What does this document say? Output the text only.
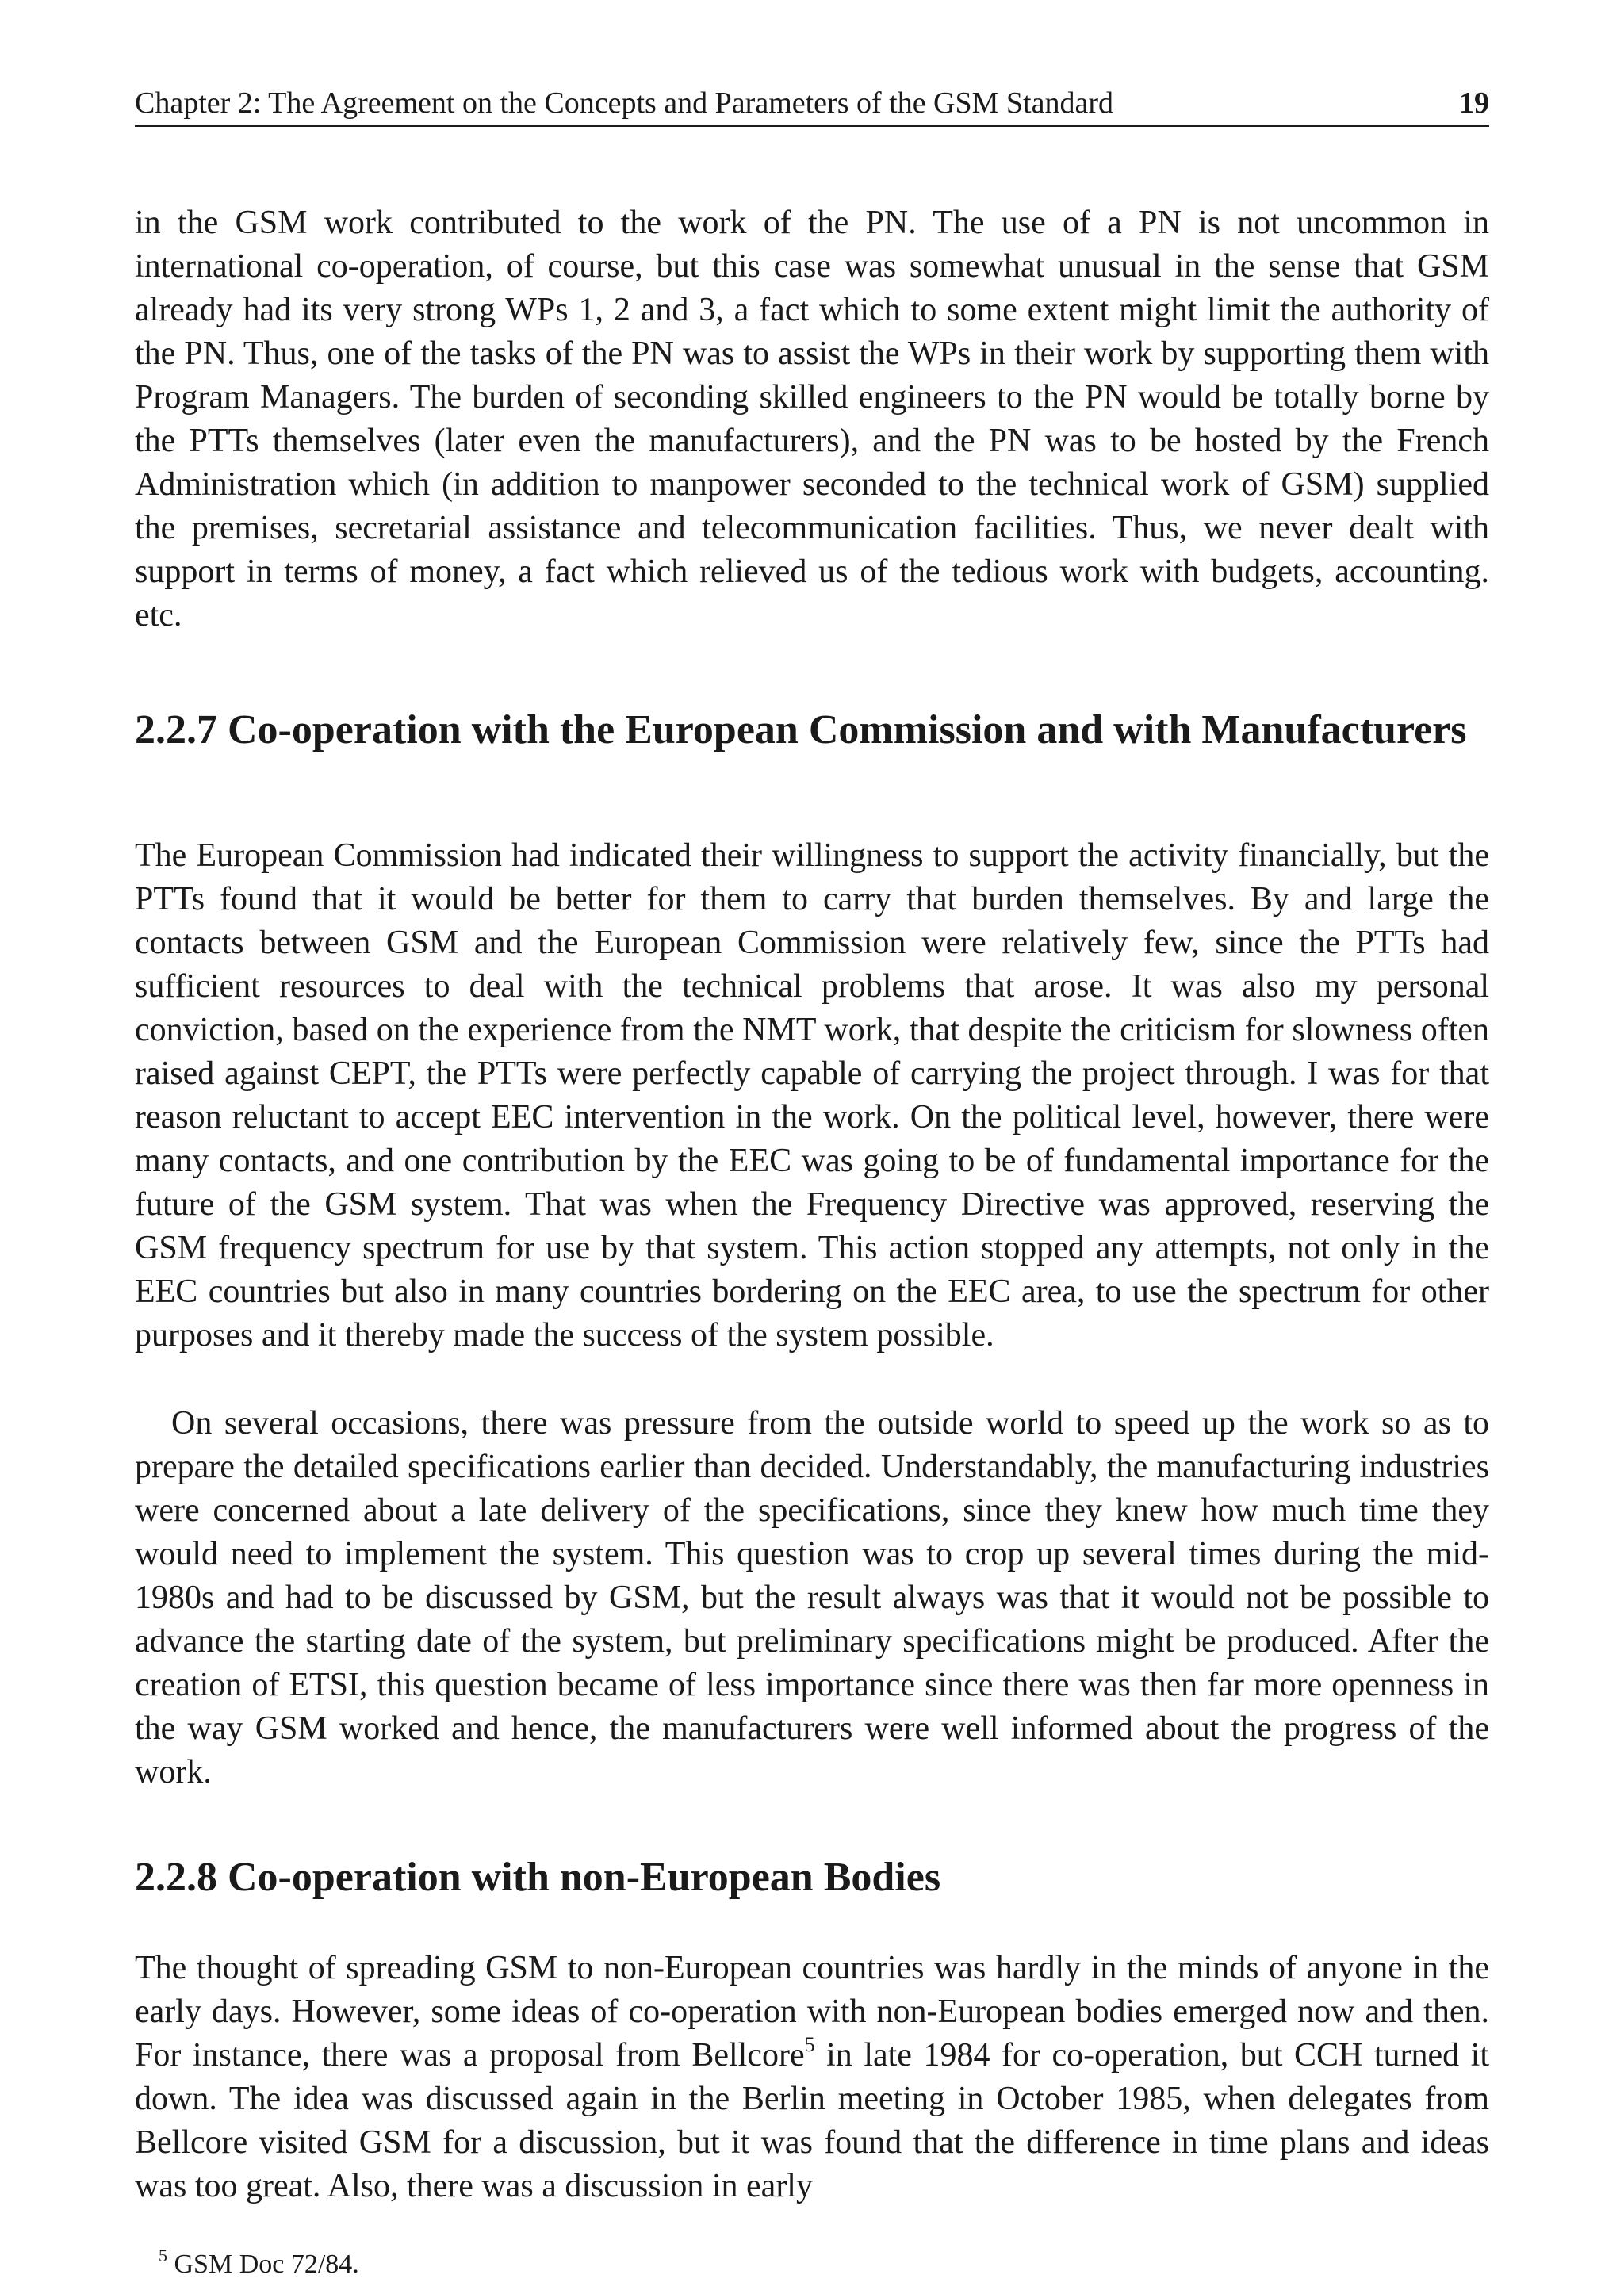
Chapter 2: The Agreement on the Concepts and Parameters of the GSM Standard	19

in the GSM work contributed to the work of the PN. The use of a PN is not uncommon in international co-operation, of course, but this case was somewhat unusual in the sense that GSM already had its very strong WPs 1, 2 and 3, a fact which to some extent might limit the authority of the PN. Thus, one of the tasks of the PN was to assist the WPs in their work by supporting them with Program Managers. The burden of seconding skilled engineers to the PN would be totally borne by the PTTs themselves (later even the manufacturers), and the PN was to be hosted by the French Administration which (in addition to manpower seconded to the technical work of GSM) supplied the premises, secretarial assistance and telecommunication facilities. Thus, we never dealt with support in terms of money, a fact which relieved us of the tedious work with budgets, accounting. etc.

2.2.7 Co-operation with the European Commission and with Manufacturers

The European Commission had indicated their willingness to support the activity financially, but the PTTs found that it would be better for them to carry that burden themselves. By and large the contacts between GSM and the European Commission were relatively few, since the PTTs had sufficient resources to deal with the technical problems that arose. It was also my personal conviction, based on the experience from the NMT work, that despite the criticism for slowness often raised against CEPT, the PTTs were perfectly capable of carrying the project through. I was for that reason reluctant to accept EEC intervention in the work. On the political level, however, there were many contacts, and one contribution by the EEC was going to be of fundamental importance for the future of the GSM system. That was when the Frequency Directive was approved, reserving the GSM frequency spectrum for use by that system. This action stopped any attempts, not only in the EEC countries but also in many countries bordering on the EEC area, to use the spectrum for other purposes and it thereby made the success of the system possible.

On several occasions, there was pressure from the outside world to speed up the work so as to prepare the detailed specifications earlier than decided. Understandably, the manufacturing industries were concerned about a late delivery of the specifications, since they knew how much time they would need to implement the system. This question was to crop up several times during the mid-1980s and had to be discussed by GSM, but the result always was that it would not be possible to advance the starting date of the system, but preliminary specifications might be produced. After the creation of ETSI, this question became of less importance since there was then far more openness in the way GSM worked and hence, the manufacturers were well informed about the progress of the work.

2.2.8 Co-operation with non-European Bodies

The thought of spreading GSM to non-European countries was hardly in the minds of anyone in the early days. However, some ideas of co-operation with non-European bodies emerged now and then. For instance, there was a proposal from Bellcore$^5$ in late 1984 for co-operation, but CCH turned it down. The idea was discussed again in the Berlin meeting in October 1985, when delegates from Bellcore visited GSM for a discussion, but it was found that the difference in time plans and ideas was too great. Also, there was a discussion in early

$^5$ GSM Doc 72/84.
